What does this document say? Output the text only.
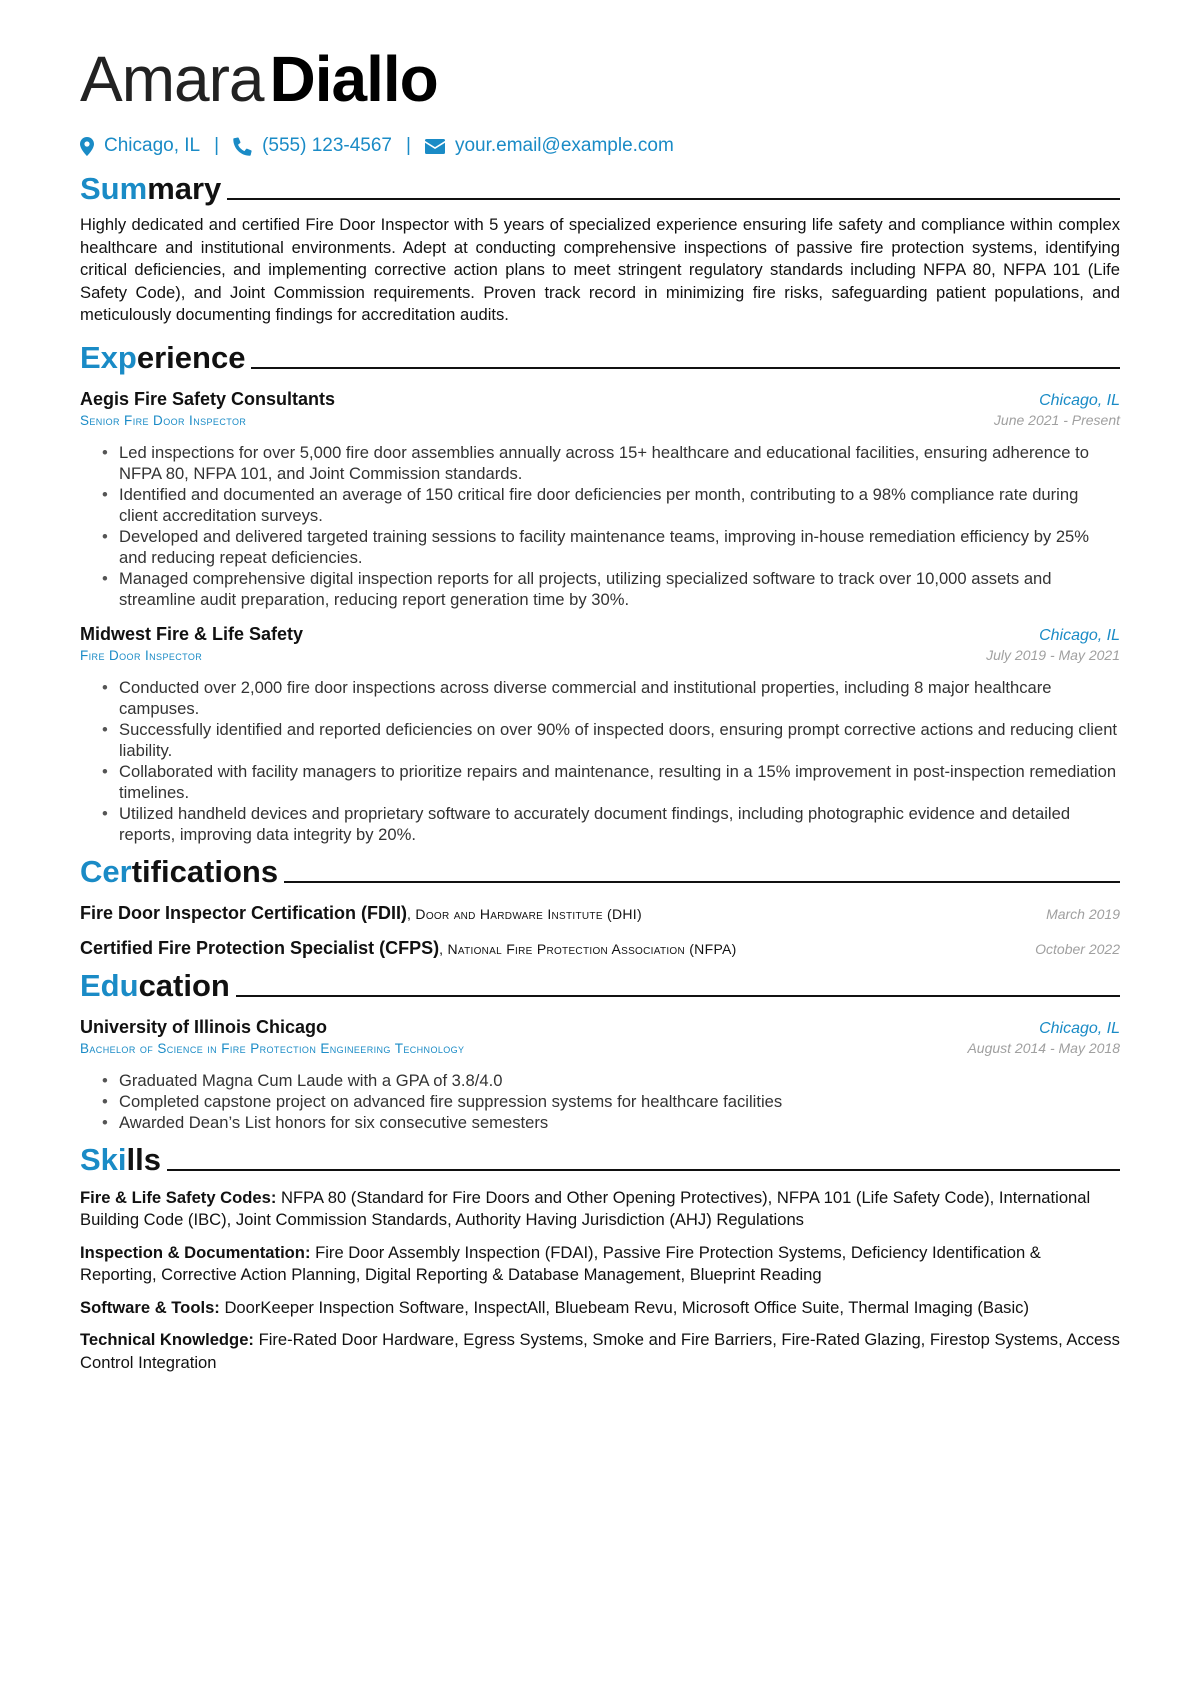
AmaraDiallo
Chicago, IL | (555) 123-4567 | your.email@example.com
Summary

Highly dedicated and certified Fire Door Inspector with 5 years of specialized experience ensuring life safety and compliance within complex healthcare and institutional environments. Adept at conducting comprehensive inspections of passive fire protection systems, identifying critical deficiencies, and implementing corrective action plans to meet stringent regulatory standards including NFPA 80, NFPA 101 (Life Safety Code), and Joint Commission requirements. Proven track record in minimizing fire risks, safeguarding patient populations, and meticulously documenting findings for accreditation audits.

Experience
Aegis Fire Safety Consultants	Chicago, IL
Senior Fire Door Inspector	June 2021 - Present
• Led inspections for over 5,000 fire door assemblies annually across 15+ healthcare and educational facilities, ensuring adherence to NFPA 80, NFPA 101, and Joint Commission standards.
• Identified and documented an average of 150 critical fire door deficiencies per month, contributing to a 98% compliance rate during client accreditation surveys.
• Developed and delivered targeted training sessions to facility maintenance teams, improving in-house remediation efficiency by 25% and reducing repeat deficiencies.
• Managed comprehensive digital inspection reports for all projects, utilizing specialized software to track over 10,000 assets and streamline audit preparation, reducing report generation time by 30%.
Midwest Fire & Life Safety	Chicago, IL
Fire Door Inspector	July 2019 - May 2021
• Conducted over 2,000 fire door inspections across diverse commercial and institutional properties, including 8 major healthcare campuses.
• Successfully identified and reported deficiencies on over 90% of inspected doors, ensuring prompt corrective actions and reducing client liability.
• Collaborated with facility managers to prioritize repairs and maintenance, resulting in a 15% improvement in post-inspection remediation timelines.
• Utilized handheld devices and proprietary software to accurately document findings, including photographic evidence and detailed reports, improving data integrity by 20%.
Certifications
Fire Door Inspector Certification (FDII), Door and Hardware Institute (DHI)	March 2019
Certified Fire Protection Specialist (CFPS), National Fire Protection Association (NFPA)	October 2022
Education
University of Illinois Chicago	Chicago, IL
Bachelor of Science in Fire Protection Engineering Technology	August 2014 - May 2018
• Graduated Magna Cum Laude with a GPA of 3.8/4.0
• Completed capstone project on advanced fire suppression systems for healthcare facilities
• Awarded Dean’s List honors for six consecutive semesters
Skills

Fire & Life Safety Codes: NFPA 80 (Standard for Fire Doors and Other Opening Protectives), NFPA 101 (Life Safety Code), International Building Code (IBC), Joint Commission Standards, Authority Having Jurisdiction (AHJ) Regulations

Inspection & Documentation: Fire Door Assembly Inspection (FDAI), Passive Fire Protection Systems, Deficiency Identification & Reporting, Corrective Action Planning, Digital Reporting & Database Management, Blueprint Reading

Software & Tools: DoorKeeper Inspection Software, InspectAll, Bluebeam Revu, Microsoft Office Suite, Thermal Imaging (Basic)

Technical Knowledge: Fire-Rated Door Hardware, Egress Systems, Smoke and Fire Barriers, Fire-Rated Glazing, Firestop Systems, Access Control Integration
